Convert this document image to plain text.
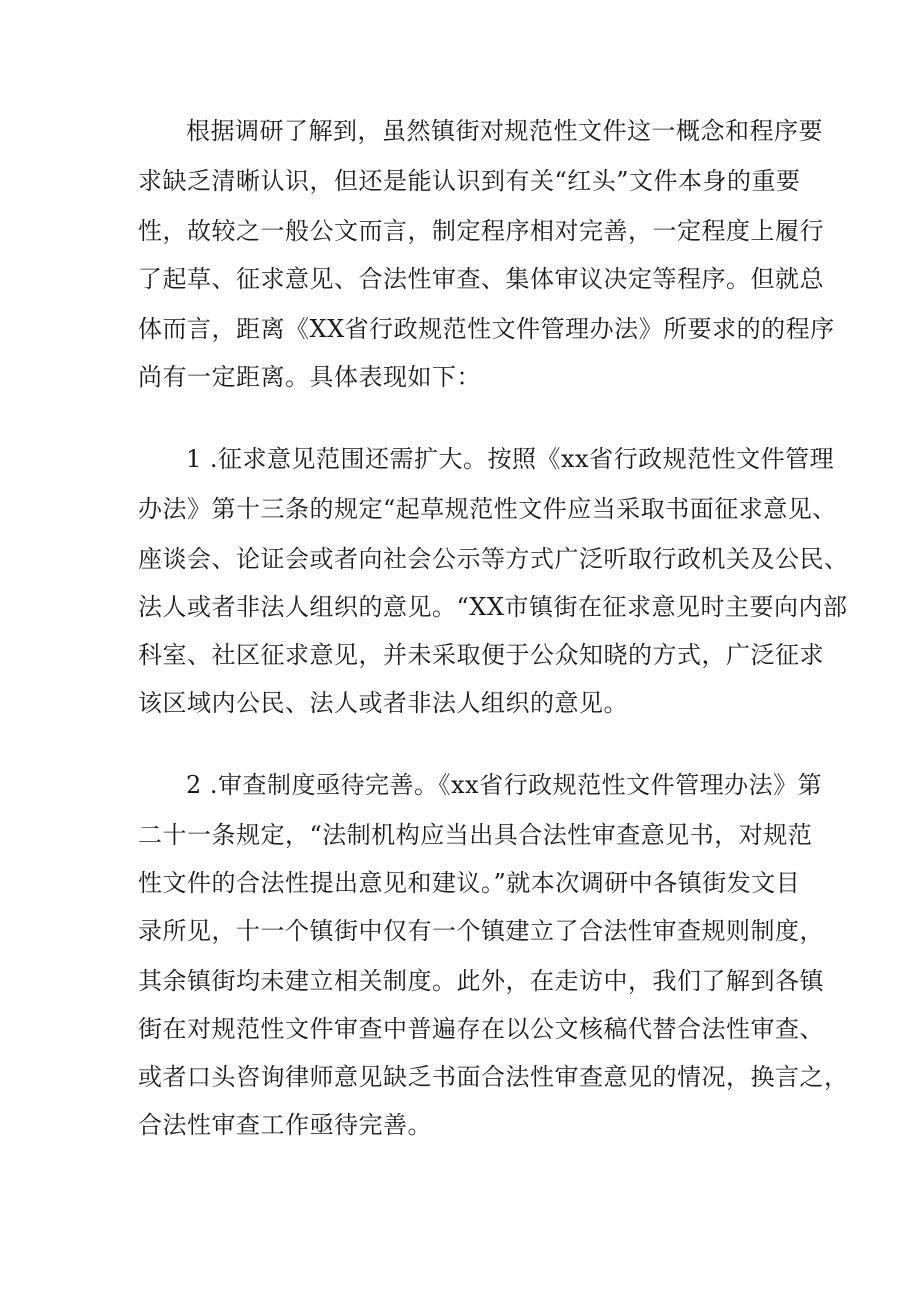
根据调研了解到，虽然镇街对规范性文件这一概念和程序要
求缺乏清晰认识，但还是能认识到有关“红头”文件本身的重要
性，故较之一般公文而言，制定程序相对完善，一定程度上履行
了起草、征求意见、合法性审查、集体审议决定等程序。但就总
体而言，距离《XX省行政规范性文件管理办法》所要求的的程序
尚有一定距离。具体表现如下：
1 .征求意见范围还需扩大。按照《xx省行政规范性文件管理
办法》第十三条的规定“起草规范性文件应当采取书面征求意见、
座谈会、论证会或者向社会公示等方式广泛听取行政机关及公民、
法人或者非法人组织的意见。“XX市镇街在征求意见时主要向内部
科室、社区征求意见，并未采取便于公众知晓的方式，广泛征求
该区域内公民、法人或者非法人组织的意见。
2 .审查制度亟待完善。《xx省行政规范性文件管理办法》第
二十一条规定，“法制机构应当出具合法性审查意见书，对规范
性文件的合法性提出意见和建议。”就本次调研中各镇街发文目
录所见，十一个镇街中仅有一个镇建立了合法性审查规则制度，
其余镇街均未建立相关制度。此外，在走访中，我们了解到各镇
街在对规范性文件审查中普遍存在以公文核稿代替合法性审查、
或者口头咨询律师意见缺乏书面合法性审查意见的情况，换言之，
合法性审查工作亟待完善。
